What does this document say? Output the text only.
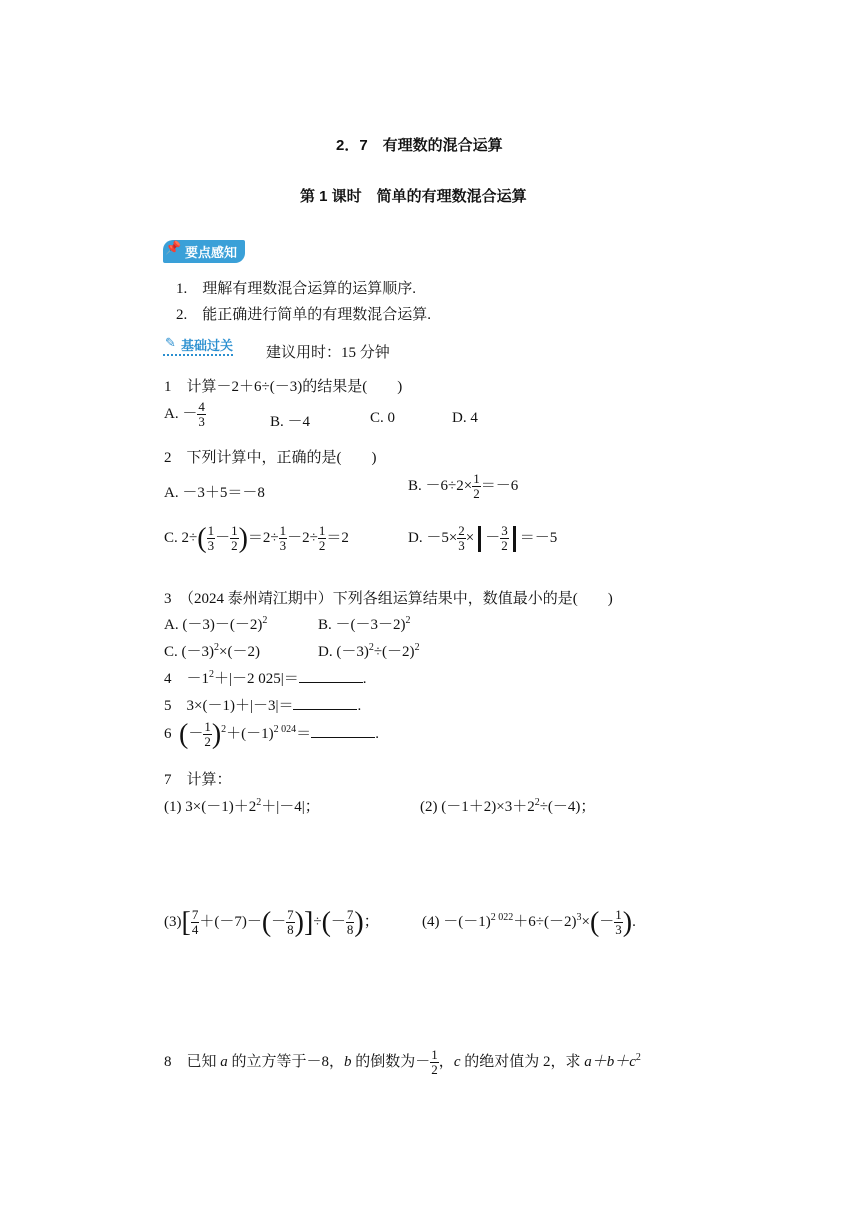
2．7　有理数的混合运算
第 1 课时　简单的有理数混合运算
📌 要点感知
1.　理解有理数混合运算的运算顺序.
2.　能正确进行简单的有理数混合运算.
✎ 基础过关 建议用时：15 分钟
1　计算－2＋6÷(－3)的结果是(　　)
A. － $\frac{4}{3}$	B. －4	C. 0	D. 4
2　下列计算中，正确的是(　　)
A. －3＋5＝－8	B. $-6\div 2\times \frac{1}{2} =-6$
C. $2\div( \frac{1}{3} - \frac{1}{2} )=2\div \frac{1}{3} -2\div \frac{1}{2} =2$	D. $-5\times \frac{2}{3}$ × － $\frac{3}{2} =-5$
3　（2024 泰州靖江期中）下列各组运算结果中，数值最小的是(　　)
A. $(-3)-(-2)^2$	B. $-(-3-2)^2$
C. $(-3)^2\times(-2)$	D. $(-3)^2\div(-2)^2$
4　$-1^2+|-2$ 025|＝	.
5　3×(－1)＋|－3|＝	.
6 (－ $\frac{1}{2} )^2+(-1)^{2 024}=$	.
7　计算：
(1) $3\times(-1)+2^2+|-4|$；	(2) $(-1+2)\times 3+2^2\div(-4)$；
$(3)[ \frac{7}{4} +(-7)-(- \frac{7}{8}$ )]÷(－ $\frac{7}{8}$ )；	$(4) -(-1)^{2 022}+6\div(-2)^3\times(- \frac{1}{3}$ ).
8　已知 a 的立方等于－8，b 的倒数为－ $\frac{1}{2}$ ，c 的绝对值为 2，求 $a+b+c^2$
